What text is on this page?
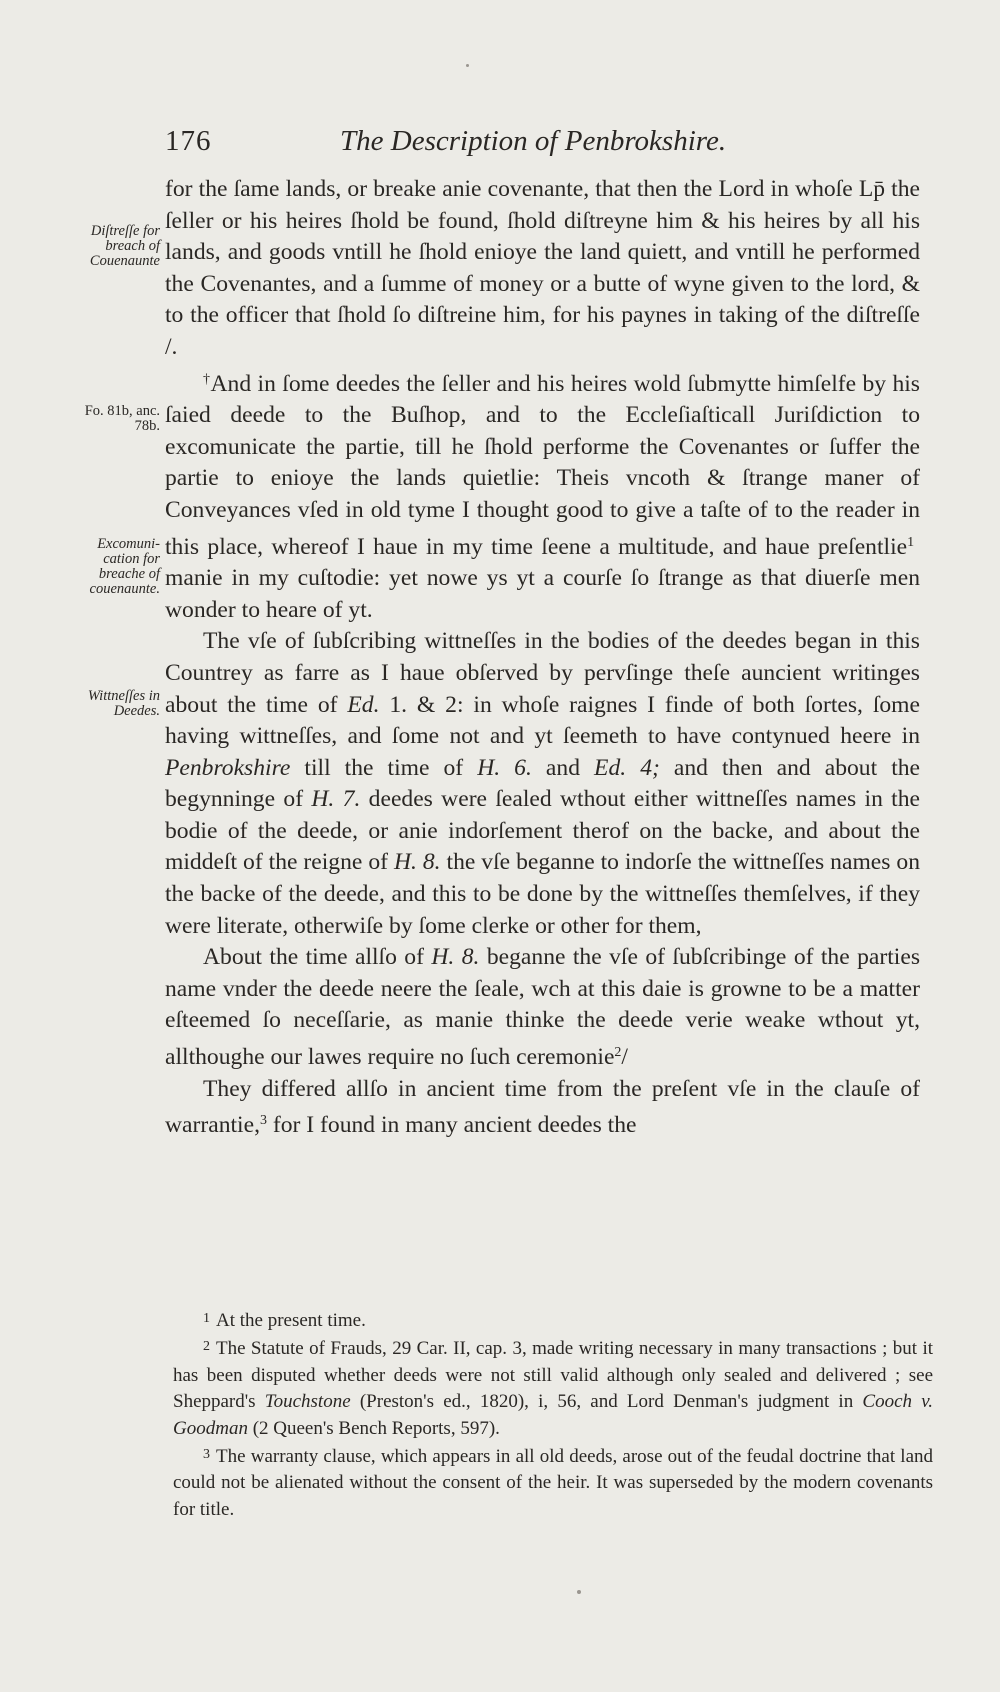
176	The Description of Penbrokshire.
Diſtreſſe for breach of Couenaunte
Fo. 81b, anc. 78b.
Excomuni- cation for breache of couenaunte.
Wittneſſes in Deedes.

for the ſame lands, or breake anie covenante, that then the Lord in whoſe Lp̄ the ſeller or his heires ſhold be found, ſhold diſtreyne him & his heires by all his lands, and goods vntill he ſhold enioye the land quiett, and vntill he performed the Covenantes, and a ſumme of money or a butte of wyne given to the lord, & to the officer that ſhold ſo diſtreine him, for his paynes in taking of the diſtreſſe /.

†And in ſome deedes the ſeller and his heires wold ſubmytte himſelfe by his ſaied deede to the Buſhop, and to the Eccleſiaſticall Juriſdiction to excomunicate the partie, till he ſhold performe the Covenantes or ſuffer the partie to enioye the lands quietlie: Theis vncoth & ſtrange maner of Conveyances vſed in old tyme I thought good to give a taſte of to the reader in this place, whereof I haue in my time ſeene a multitude, and haue preſentlie$^1$manie in my cuſtodie: yet nowe ys yt a courſe ſo ſtrange as that diuerſe men wonder to heare of yt.

The vſe of ſubſcribing wittneſſes in the bodies of the deedes began in this Countrey as farre as I haue obſerved by pervſinge theſe auncient writinges about the time of Ed. 1. & 2: in whoſe raignes I finde of both ſortes, ſome having wittneſſes, and ſome not and yt ſeemeth to have contynued heere in Penbrokshire till the time of H. 6. and Ed. 4; and then and about the begynninge of H. 7. deedes were ſealed wthout either wittneſſes names in the bodie of the deede, or anie indorſement therof on the backe, and about the middeſt of the reigne of H. 8. the vſe beganne to indorſe the wittneſſes names on the backe of the deede, and this to be done by the wittneſſes themſelves, if they were literate, otherwiſe by ſome clerke or other for them,

About the time allſo of H. 8. beganne the vſe of ſubſcribinge of the parties name vnder the deede neere the ſeale, wch at this daie is growne to be a matter eſteemed ſo neceſſarie, as manie thinke the deede verie weake wthout yt, allthoughe our lawes require no ſuch ceremonie$^2$/

They differed allſo in ancient time from the preſent vſe in the clauſe of warrantie,$^3$ for I found in many ancient deedes the

$^1$ At the present time.

$^2$ The Statute of Frauds, 29 Car. II, cap. 3, made writing necessary in many transactions ; but it has been disputed whether deeds were not still valid although only sealed and delivered ; see Sheppard's Touchstone (Preston's ed., 1820), i, 56, and Lord Denman's judgment in Cooch v. Goodman (2 Queen's Bench Reports, 597).

$^3$ The warranty clause, which appears in all old deeds, arose out of the feudal doctrine that land could not be alienated without the consent of the heir. It was superseded by the modern covenants for title.
